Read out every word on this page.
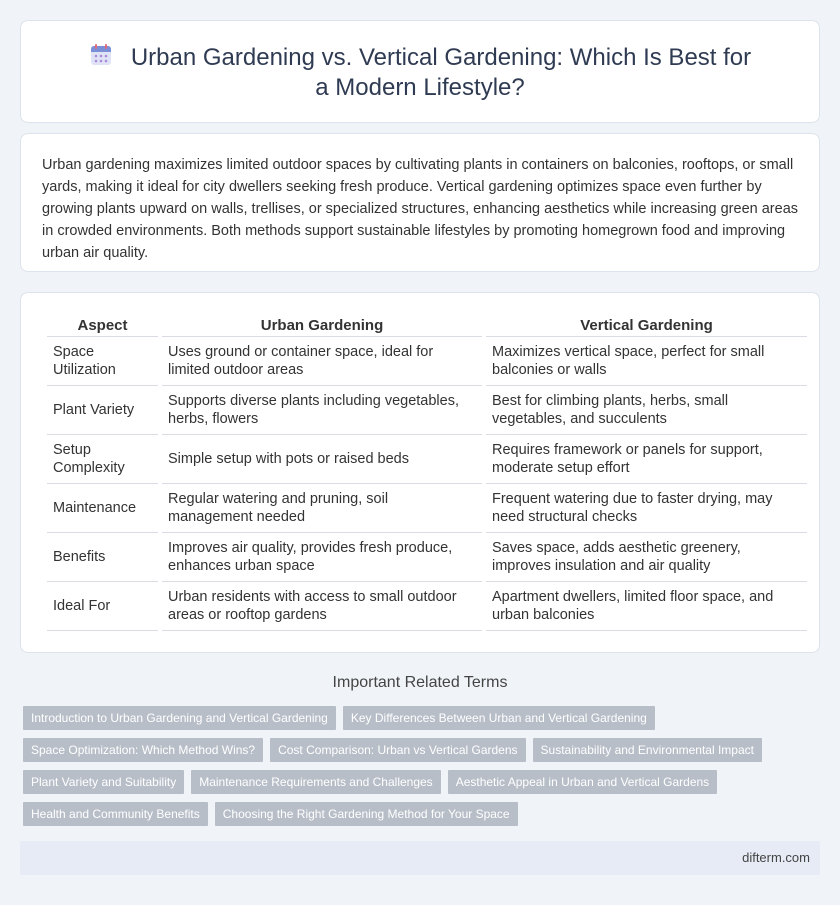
Urban Gardening vs. Vertical Gardening: Which Is Best for a Modern Lifestyle?

Urban gardening maximizes limited outdoor spaces by cultivating plants in containers on balconies, rooftops, or small yards, making it ideal for city dwellers seeking fresh produce. Vertical gardening optimizes space even further by growing plants upward on walls, trellises, or specialized structures, enhancing aesthetics while increasing green areas in crowded environments. Both methods support sustainable lifestyles by promoting homegrown food and improving urban air quality.

Aspect	Urban Gardening	Vertical Gardening
Space Utilization	Uses ground or container space, ideal for limited outdoor areas	Maximizes vertical space, perfect for small balconies or walls
Plant Variety	Supports diverse plants including vegetables, herbs, flowers	Best for climbing plants, herbs, small vegetables, and succulents
Setup Complexity	Simple setup with pots or raised beds	Requires framework or panels for support, moderate setup effort
Maintenance	Regular watering and pruning, soil management needed	Frequent watering due to faster drying, may need structural checks
Benefits	Improves air quality, provides fresh produce, enhances urban space	Saves space, adds aesthetic greenery, improves insulation and air quality
Ideal For	Urban residents with access to small outdoor areas or rooftop gardens	Apartment dwellers, limited floor space, and urban balconies
Important Related Terms
Introduction to Urban Gardening and Vertical Gardening	Key Differences Between Urban and Vertical Gardening
Space Optimization: Which Method Wins?	Cost Comparison: Urban vs Vertical Gardens	Sustainability and Environmental Impact
Plant Variety and Suitability	Maintenance Requirements and Challenges	Aesthetic Appeal in Urban and Vertical Gardens
Health and Community Benefits	Choosing the Right Gardening Method for Your Space
difterm.com
